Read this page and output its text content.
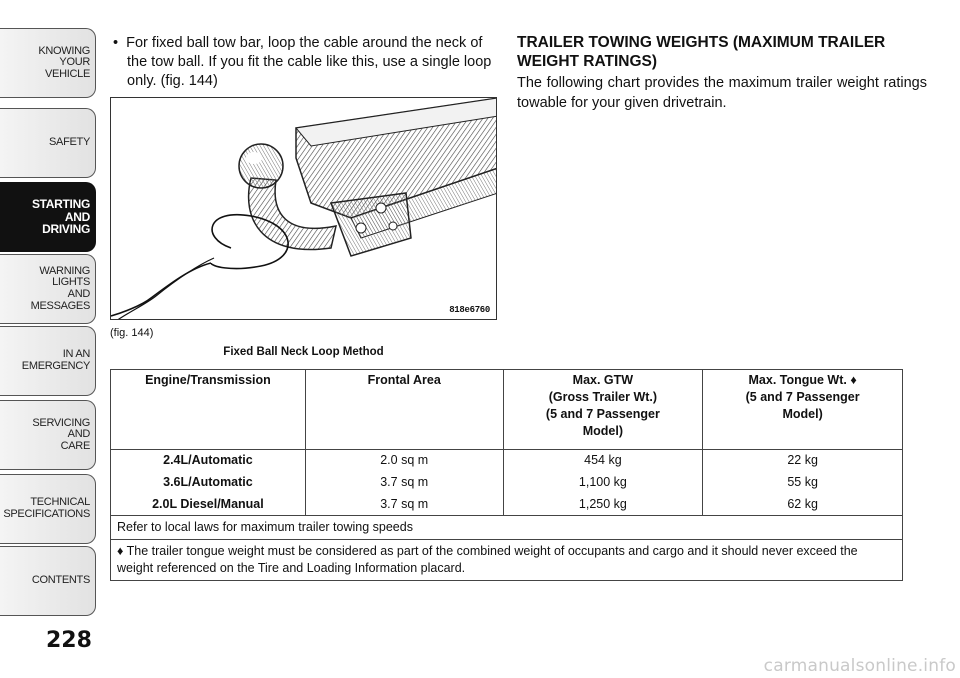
KNOWING
YOUR
VEHICLE
SAFETY
STARTING
AND
DRIVING
WARNING
LIGHTS
AND
MESSAGES
IN AN
EMERGENCY
SERVICING
AND
CARE
TECHNICAL
SPECIFICATIONS
CONTENTS
228
• For fixed ball tow bar, loop the cable around the neck of the tow ball. If you fit the cable like this, use a single loop only. (fig. 144)
818e6760
(fig. 144)
Fixed Ball Neck Loop Method
TRAILER TOWING WEIGHTS (MAXIMUM TRAILER WEIGHT RATINGS)

The following chart provides the maximum trailer weight ratings towable for your given drivetrain.

Engine/Transmission	Frontal Area	Max. GTW
(Gross Trailer Wt.)
(5 and 7 Passenger
Model)	Max. Tongue Wt. ♦
(5 and 7 Passenger
Model)
2.4L/Automatic	2.0 sq m	454 kg	22 kg
3.6L/Automatic	3.7 sq m	1,100 kg	55 kg
2.0L Diesel/Manual	3.7 sq m	1,250 kg	62 kg
Refer to local laws for maximum trailer towing speeds			
♦ The trailer tongue weight must be considered as part of the combined weight of occupants and cargo and it should never exceed the weight referenced on the Tire and Loading Information placard.			
carmanualsonline.info
